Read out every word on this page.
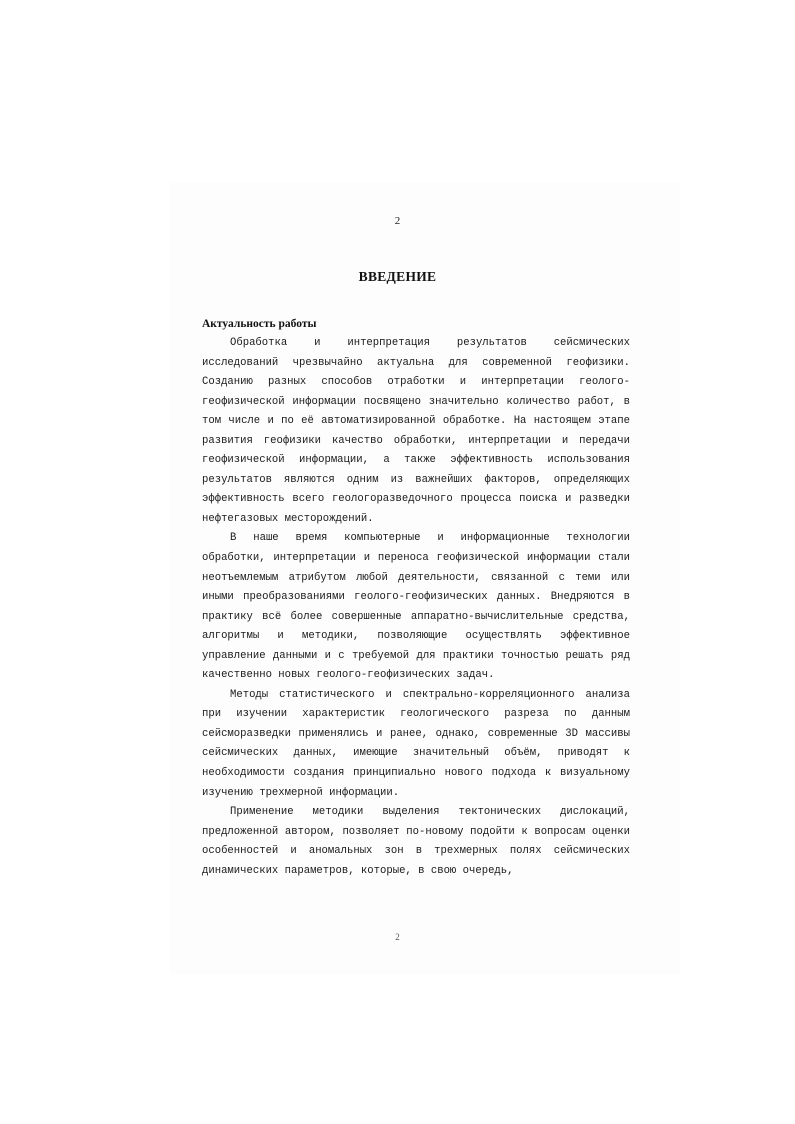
2
ВВЕДЕНИЕ
Актуальность работы

Обработка и интерпретация результатов сейсмических исследований чрезвычайно актуальна для современной геофизики. Созданию разных способов отработки и интерпретации геолого-геофизической информации посвящено значительно количество работ, в том числе и по её автоматизированной обработке. На настоящем этапе развития геофизики качество обработки, интерпретации и передачи геофизической информации, а также эффективность использования результатов являются одним из важнейших факторов, определяющих эффективность всего геологоразведочного процесса поиска и разведки нефтегазовых месторождений.

В наше время компьютерные и информационные технологии обработки, интерпретации и переноса геофизической информации стали неотъемлемым атрибутом любой деятельности, связанной с теми или иными преобразованиями геолого-геофизических данных. Внедряются в практику всё более совершенные аппаратно-вычислительные средства, алгоритмы и методики, позволяющие осуществлять эффективное управление данными и с требуемой для практики точностью решать ряд качественно новых геолого-геофизических задач.

Методы статистического и спектрально-корреляционного анализа при изучении характеристик геологического разреза по данным сейсморазведки применялись и ранее, однако, современные 3D массивы сейсмических данных, имеющие значительный объём, приводят к необходимости создания принципиально нового подхода к визуальному изучению трехмерной информации.

Применение методики выделения тектонических дислокаций, предложенной автором, позволяет по-новому подойти к вопросам оценки особенностей и аномальных зон в трехмерных полях сейсмических динамических параметров, которые, в свою очередь,

2
